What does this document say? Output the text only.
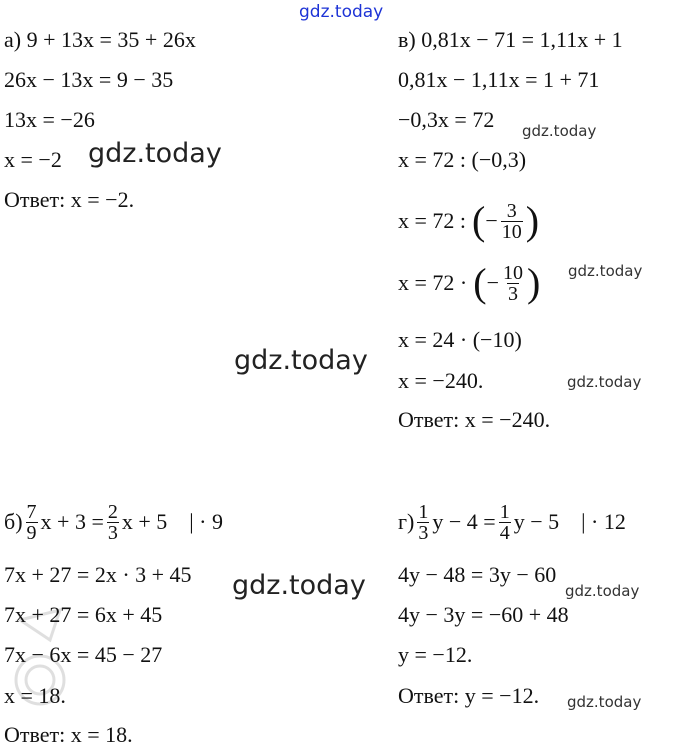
gdz.today
gdz.today
gdz.today
gdz.today
gdz.today
gdz.today
gdz.today
gdz.today
gdz.today
а) 9 + 13x = 35 + 26x
26x − 13x = 9 − 35
13x = −26
x = −2
Ответ: x = −2.
в) 0,81x − 71 = 1,11x + 1
0,81x − 1,11x = 1 + 71
−0,3x = 72
x = 72 : (−0,3)
x = 72 : ( − $\frac{3}{10}$ )
x = 72 · ( − $\frac{10}{3}$ )
x = 24 · (−10)
x = −240.
Ответ: x = −240.
$б) \frac{7}{9}$ $x + 3 = \frac{2}{3}$ x + 5 | · 9
7x + 27 = 2x · 3 + 45
7x + 27 = 6x + 45
7x − 6x = 45 − 27
x = 18.
Ответ: x = 18.
$г) \frac{1}{3}$ $y - 4 = \frac{1}{4}$ y − 5 | · 12
4y − 48 = 3y − 60
4y − 3y = −60 + 48
y = −12.
Ответ: y = −12.
